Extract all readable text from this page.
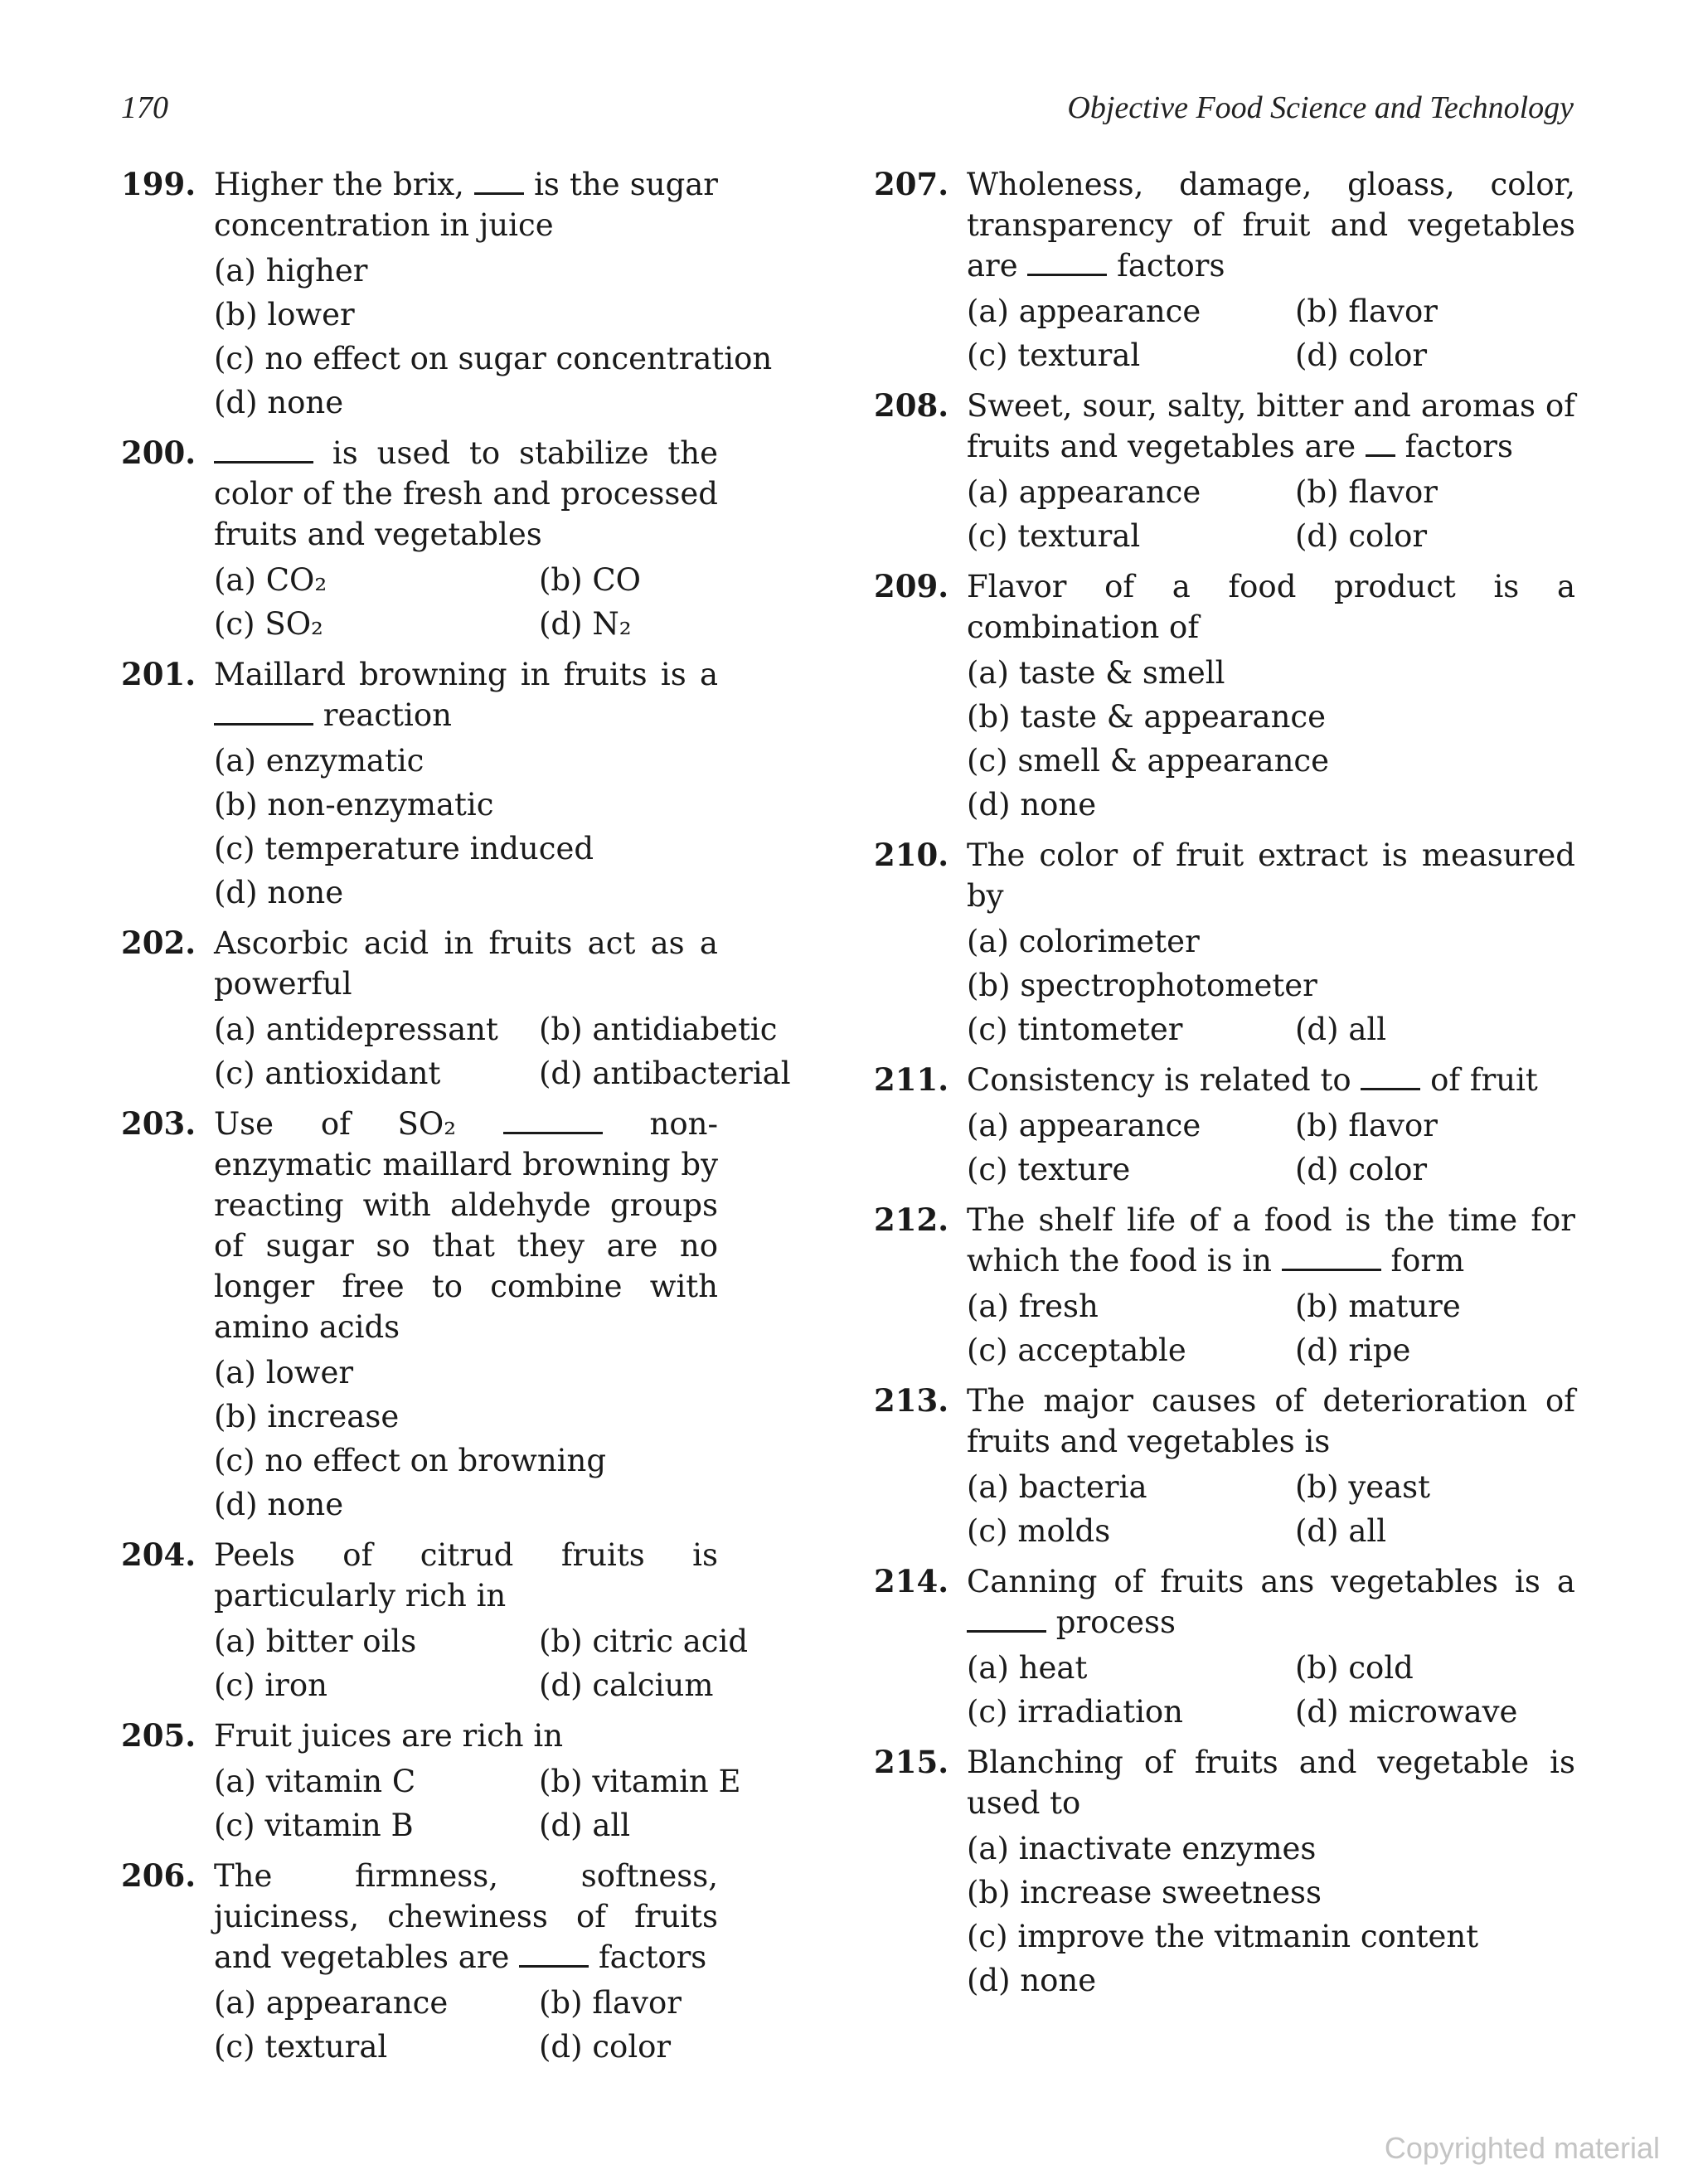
170	Objective Food Science and Technology
199. Higher the brix,  is the sugar concentration in juice
(a) higher
(b) lower
(c) no effect on sugar concentration
(d) none
200.	is used to stabilize the color of the fresh and processed fruits and vegetables
(a) CO₂	(b) CO
(c) SO₂	(d) N₂
201. Maillard browning in fruits is a  reaction
(a) enzymatic
(b) non-enzymatic
(c) temperature induced
(d) none
202. Ascorbic acid in fruits act as a powerful
(a) antidepressant	(b) antidiabetic
(c) antioxidant	(d) antibacterial
203. Use of SO₂	non-enzymatic maillard browning by reacting with aldehyde groups of sugar so that they are no longer free to combine with amino acids
(a) lower
(b) increase
(c) no effect on browning
(d) none
204. Peels of citrud fruits is particularly rich in
(a) bitter oils	(b) citric acid
(c) iron	(d) calcium
205. Fruit juices are rich in
(a) vitamin C	(b) vitamin E
(c) vitamin B	(d) all
206. The firmness, softness, juiciness, chewiness of fruits and vegetables are  factors
(a) appearance	(b) flavor
(c) textural	(d) color
207. Wholeness, damage, gloass, color, transparency of fruit and vegetables are	factors
(a) appearance	(b) flavor
(c) textural	(d) color
208. Sweet, sour, salty, bitter and aromas of fruits and vegetables are  factors
(a) appearance	(b) flavor
(c) textural	(d) color
209. Flavor of a food product is a combination of
(a) taste & smell
(b) taste & appearance
(c) smell & appearance
(d) none
210. The color of fruit extract is measured by
(a) colorimeter
(b) spectrophotometer
(c) tintometer	(d) all
211. Consistency is related to  of fruit
(a) appearance	(b) flavor
(c) texture	(d) color
212. The shelf life of a food is the time for which the food is in	form
(a) fresh	(b) mature
(c) acceptable	(d) ripe
213. The major causes of deterioration of fruits and vegetables is
(a) bacteria	(b) yeast
(c) molds	(d) all
214. Canning of fruits ans vegetables is a  process
(a) heat	(b) cold
(c) irradiation	(d) microwave
215. Blanching of fruits and vegetable is used to
(a) inactivate enzymes
(b) increase sweetness
(c) improve the vitmanin content
(d) none
Copyrighted material
